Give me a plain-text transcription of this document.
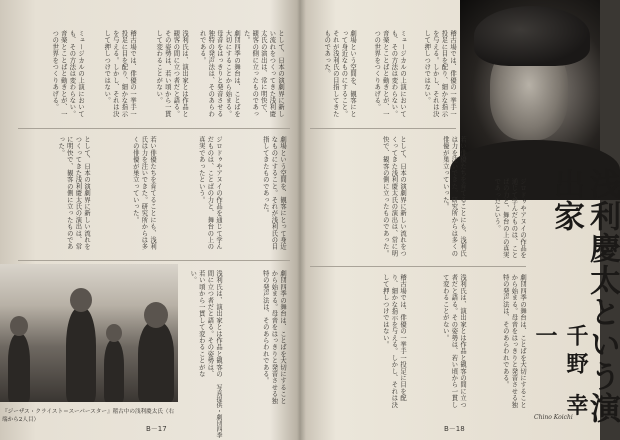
として、日本の演劇界に新しい流れをつくってきた浅利慶太氏の演出は、常に明快で、観客の側に立ったものであった。
劇団四季の舞台は、ことばを大切にすることから始まる。母音をはっきりと発音させる独特の発声法は、そのあらわれである。
浅利氏は、演出家とは作品と観客の間に立つ者だと語る。その姿勢は、若い頃から一貫して変わることがない。
稽古場では、俳優の一挙手一投足に目を配り、細かな指示を与える。しかし、それは決して押しつけではない。
ミュージカルの上演においても、その方法は変わらない。音楽とことばと動きとが、一つの世界をつくりあげる。
劇場という空間を、観客にとって身近なものにすること。それが浅利氏の目指してきたものであった。
ジロドゥやアヌイの作品を通じて学んだものは、ことばの力と、舞台の上の真実であったという。
若い俳優たちを育てることにも、浅利氏は力を注いできた。研究所からは多くの俳優が巣立っていった。
として、日本の演劇界に新しい流れをつくってきた浅利慶太氏の演出は、常に明快で、観客の側に立ったものであった。
劇団四季の舞台は、ことばを大切にすることから始まる。母音をはっきりと発音させる独特の発声法は、そのあらわれである。
浅利氏は、演出家とは作品と観客の間に立つ者だと語る。その姿勢は、若い頃から一貫して変わることがない。
『ジーザス・クライスト＝スーパースター』稽古中の浅利慶太氏（右端から2人目）	写真提供・劇団四季
B－17
稽古場では、俳優の一挙手一投足に目を配り、細かな指示を与える。しかし、それは決して押しつけではない。
ミュージカルの上演においても、その方法は変わらない。音楽とことばと動きとが、一つの世界をつくりあげる。
劇場という空間を、観客にとって身近なものにすること。それが浅利氏の目指してきたものであった。
ジロドゥやアヌイの作品を通じて学んだものは、ことばの力と、舞台の上の真実であったという。
若い俳優たちを育てることにも、浅利氏は力を注いできた。研究所からは多くの俳優が巣立っていった。
として、日本の演劇界に新しい流れをつくってきた浅利慶太氏の演出は、常に明快で、観客の側に立ったものであった。
劇団四季の舞台は、ことばを大切にすることから始まる。母音をはっきりと発音させる独特の発声法は、そのあらわれである。
浅利氏は、演出家とは作品と観客の間に立つ者だと語る。その姿勢は、若い頃から一貫して変わることがない。
稽古場では、俳優の一挙手一投足に目を配り、細かな指示を与える。しかし、それは決して押しつけではない。	浅利慶太という演出家
千野 幸一
Chino Koichi
B－18
